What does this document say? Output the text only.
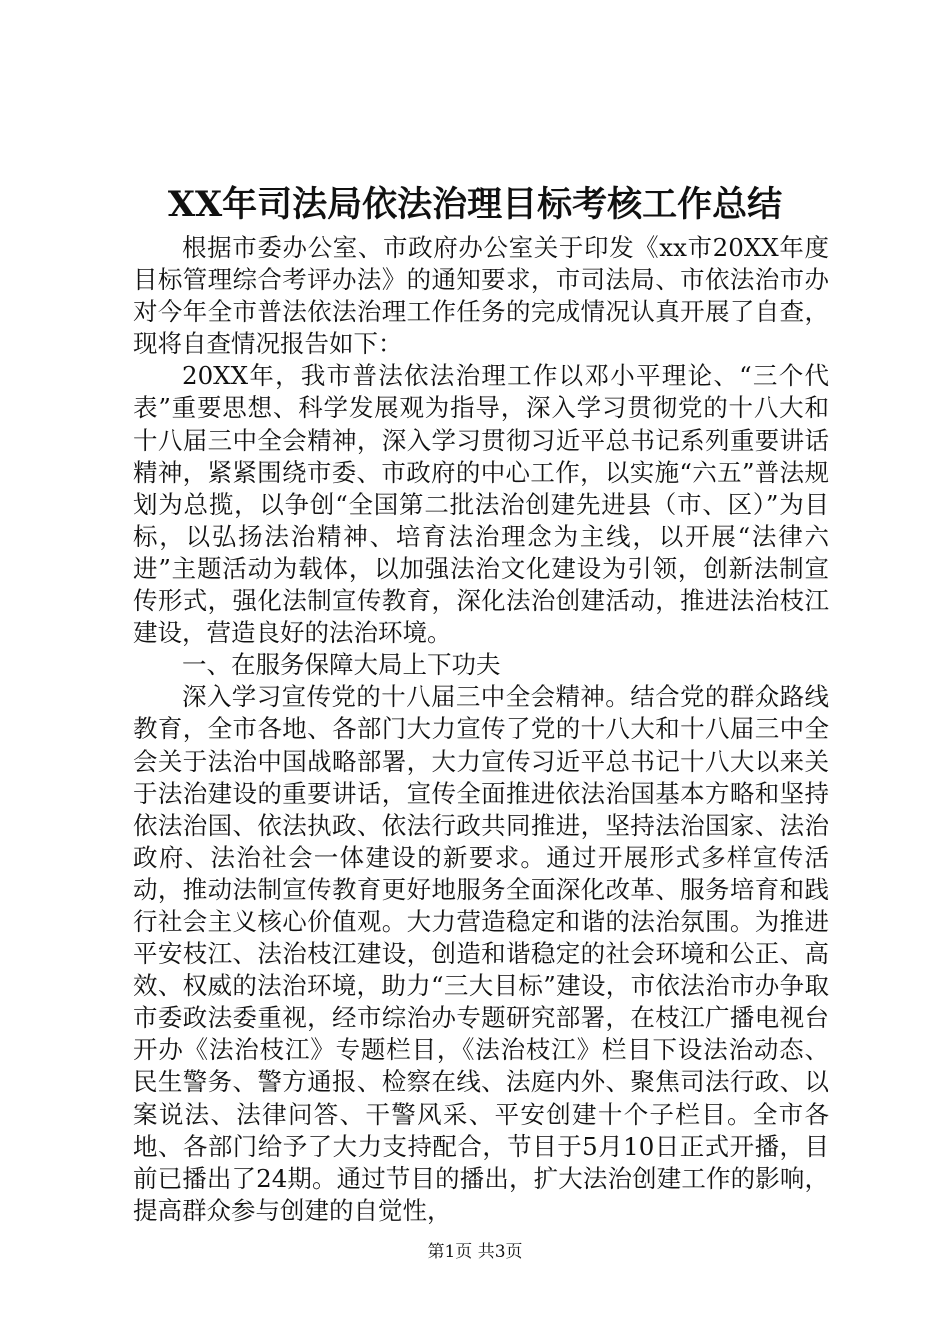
XX年司法局依法治理目标考核工作总结

根据市委办公室、市政府办公室关于印发《xx市20XX年度目标管理综合考评办法》的通知要求，市司法局、市依法治市办对今年全市普法依法治理工作任务的完成情况认真开展了自查，现将自查情况报告如下：

20XX年，我市普法依法治理工作以邓小平理论、“三个代表”重要思想、科学发展观为指导，深入学习贯彻党的十八大和十八届三中全会精神，深入学习贯彻习近平总书记系列重要讲话精神，紧紧围绕市委、市政府的中心工作，以实施“六五”普法规划为总揽，以争创“全国第二批法治创建先进县（市、区）”为目标，以弘扬法治精神、培育法治理念为主线，以开展“法律六进”主题活动为载体，以加强法治文化建设为引领，创新法制宣传形式，强化法制宣传教育，深化法治创建活动，推进法治枝江建设，营造良好的法治环境。

一、在服务保障大局上下功夫

深入学习宣传党的十八届三中全会精神。结合党的群众路线教育，全市各地、各部门大力宣传了党的十八大和十八届三中全会关于法治中国战略部署，大力宣传习近平总书记十八大以来关于法治建设的重要讲话，宣传全面推进依法治国基本方略和坚持依法治国、依法执政、依法行政共同推进，坚持法治国家、法治政府、法治社会一体建设的新要求。通过开展形式多样宣传活动，推动法制宣传教育更好地服务全面深化改革、服务培育和践行社会主义核心价值观。大力营造稳定和谐的法治氛围。为推进平安枝江、法治枝江建设，创造和谐稳定的社会环境和公正、高效、权威的法治环境，助力“三大目标”建设，市依法治市办争取市委政法委重视，经市综治办专题研究部署，在枝江广播电视台开办《法治枝江》专题栏目，《法治枝江》栏目下设法治动态、民生警务、警方通报、检察在线、法庭内外、聚焦司法行政、以案说法、法律问答、干警风采、平安创建十个子栏目。全市各地、各部门给予了大力支持配合，节目于5月10日正式开播，目前已播出了24期。通过节目的播出，扩大法治创建工作的影响，提高群众参与创建的自觉性，

第1页 共3页
